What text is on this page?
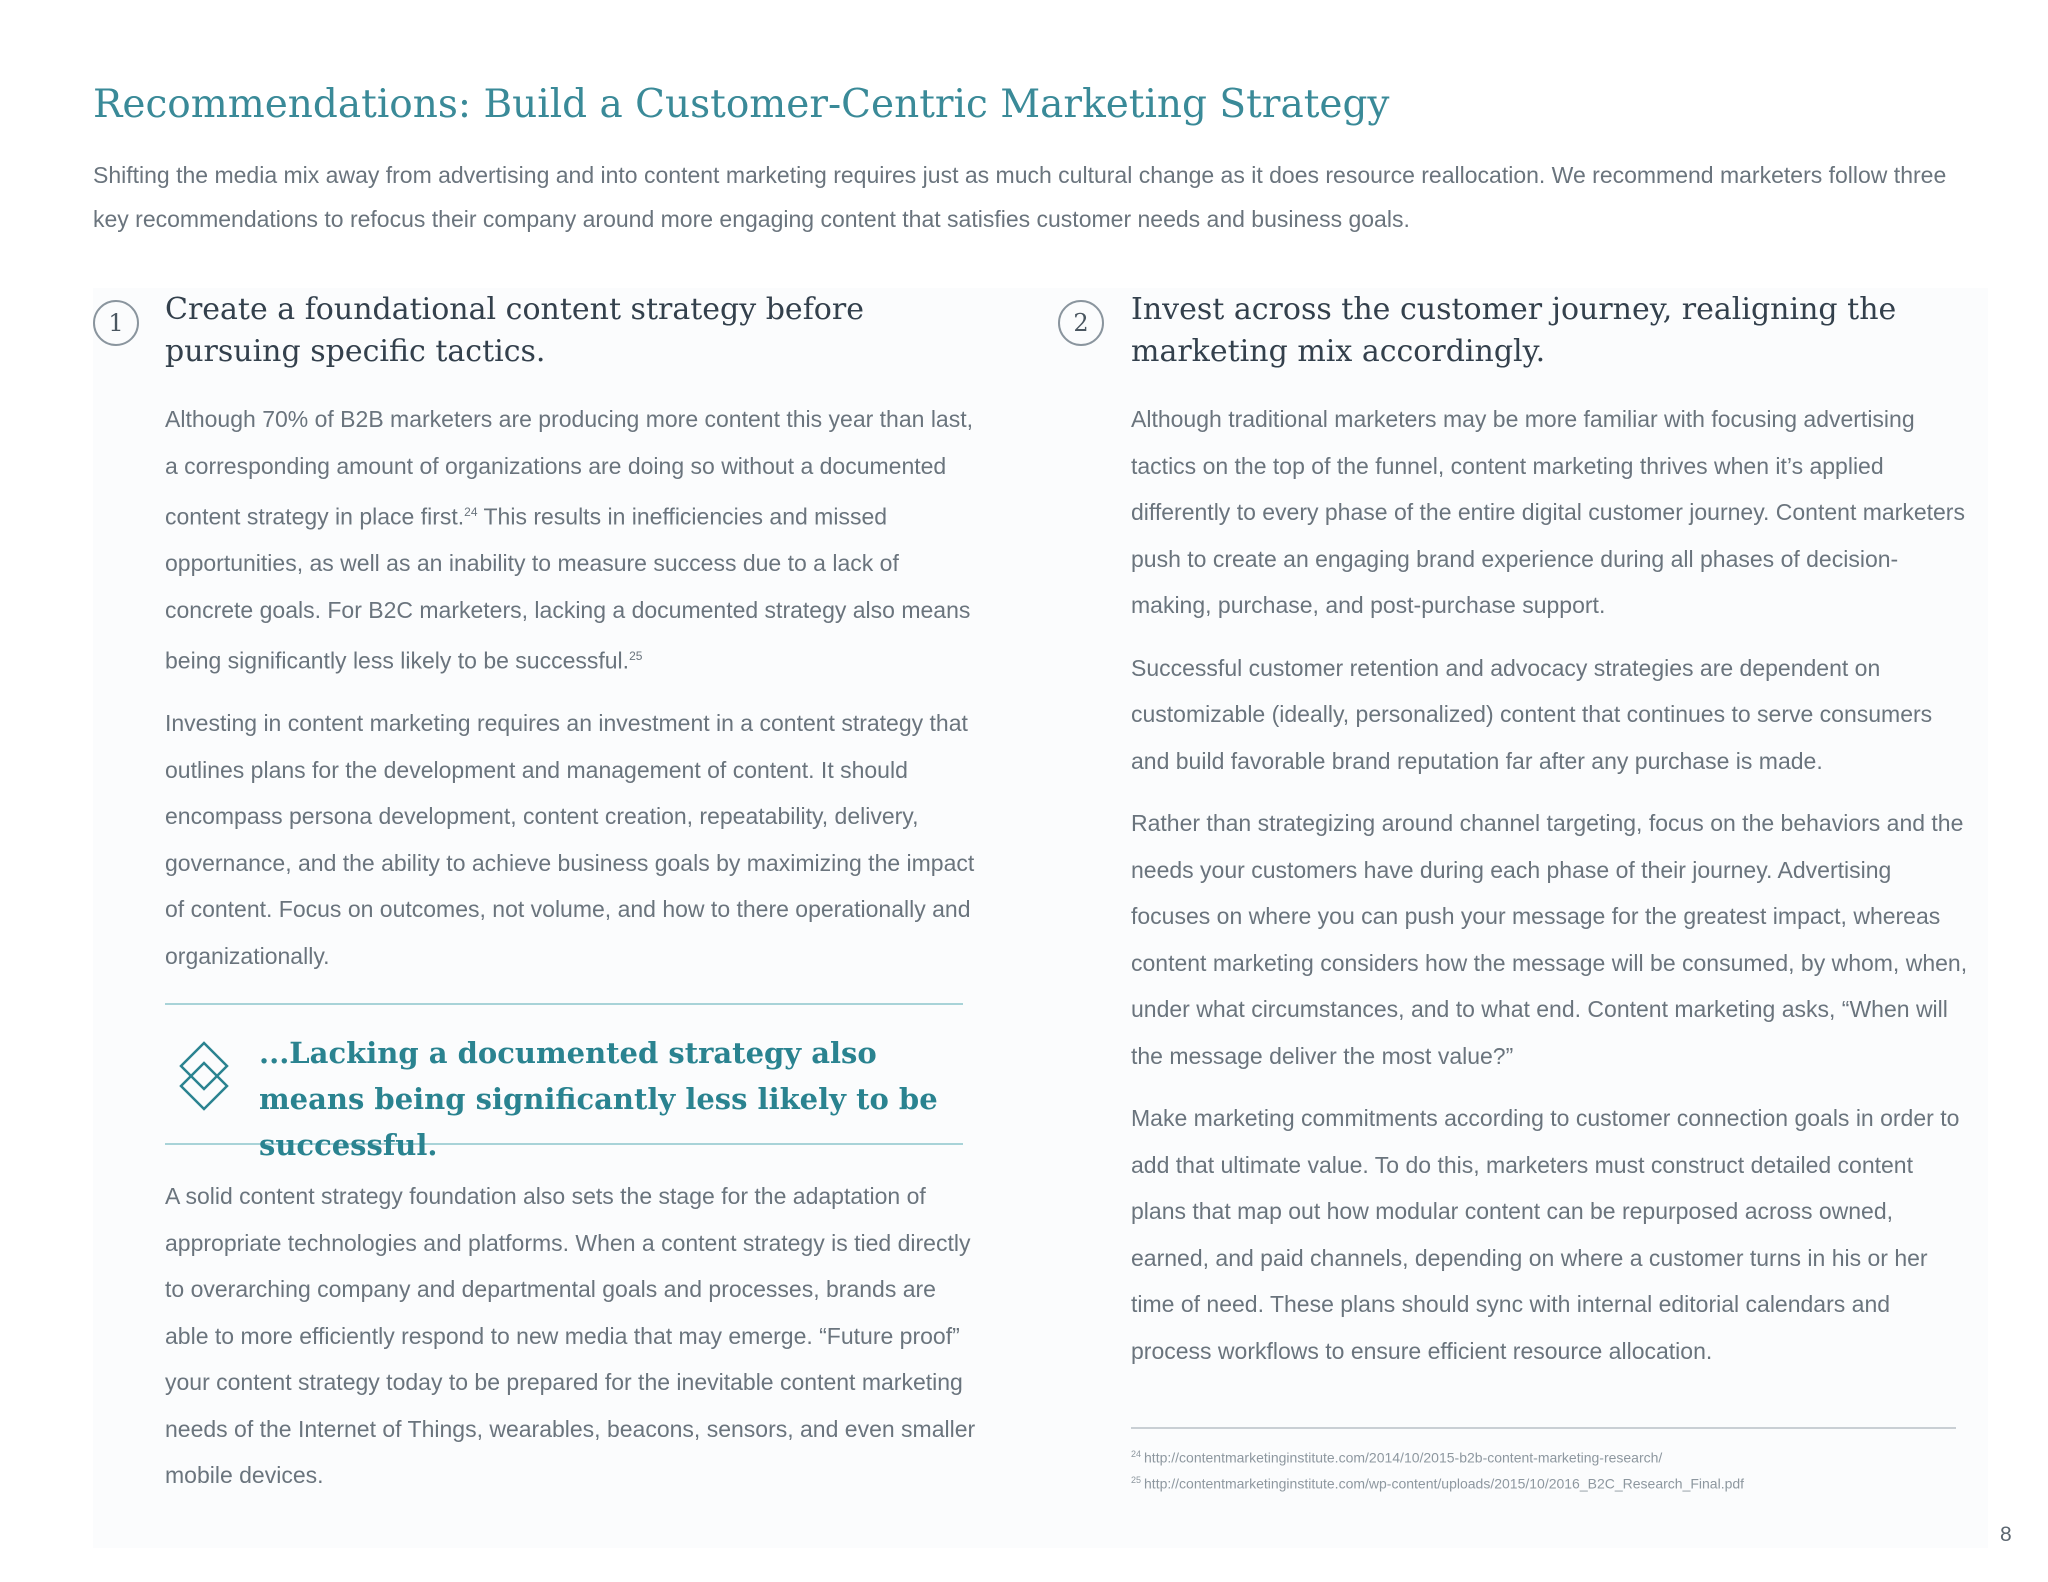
Recommendations: Build a Customer-Centric Marketing Strategy

Shifting the media mix away from advertising and into content marketing requires just as much cultural change as it does resource reallocation. We recommend marketers follow three key recommendations to refocus their company around more engaging content that satisfies customer needs and business goals.

1	Create a foundational content strategy before pursuing specific tactics.

Although 70% of B2B marketers are producing more content this year than last, a corresponding amount of organizations are doing so without a documented content strategy in place first.$^{24}$ This results in inefficiencies and missed opportunities, as well as an inability to measure success due to a lack of concrete goals. For B2C marketers, lacking a documented strategy also means being significantly less likely to be successful.$^{25}$

Investing in content marketing requires an investment in a content strategy that outlines plans for the development and management of content. It should encompass persona development, content creation, repeatability, delivery, governance, and the ability to achieve business goals by maximizing the impact of content. Focus on outcomes, not volume, and how to there operationally and organizationally.

...Lacking a documented strategy also means being significantly less likely to be successful.

A solid content strategy foundation also sets the stage for the adaptation of appropriate technologies and platforms. When a content strategy is tied directly to overarching company and departmental goals and processes, brands are able to more efficiently respond to new media that may emerge. “Future proof” your content strategy today to be prepared for the inevitable content marketing needs of the Internet of Things, wearables, beacons, sensors, and even smaller mobile devices.

2	Invest across the customer journey, realigning the marketing mix accordingly.

Although traditional marketers may be more familiar with focusing advertising tactics on the top of the funnel, content marketing thrives when it’s applied differently to every phase of the entire digital customer journey. Content marketers push to create an engaging brand experience during all phases of decision-making, purchase, and post-purchase support.

Successful customer retention and advocacy strategies are dependent on customizable (ideally, personalized) content that continues to serve consumers and build favorable brand reputation far after any purchase is made.

Rather than strategizing around channel targeting, focus on the behaviors and the needs your customers have during each phase of their journey. Advertising focuses on where you can push your message for the greatest impact, whereas content marketing considers how the message will be consumed, by whom, when, under what circumstances, and to what end. Content marketing asks, “When will the message deliver the most value?”

Make marketing commitments according to customer connection goals in order to add that ultimate value. To do this, marketers must construct detailed content plans that map out how modular content can be repurposed across owned, earned, and paid channels, depending on where a customer turns in his or her time of need. These plans should sync with internal editorial calendars and process workflows to ensure efficient resource allocation.

$^{24}$ http://contentmarketinginstitute.com/2014/10/2015-b2b-content-marketing-research/

$^{25}$ http://contentmarketinginstitute.com/wp-content/uploads/2015/10/2016_B2C_Research_Final.pdf

8
